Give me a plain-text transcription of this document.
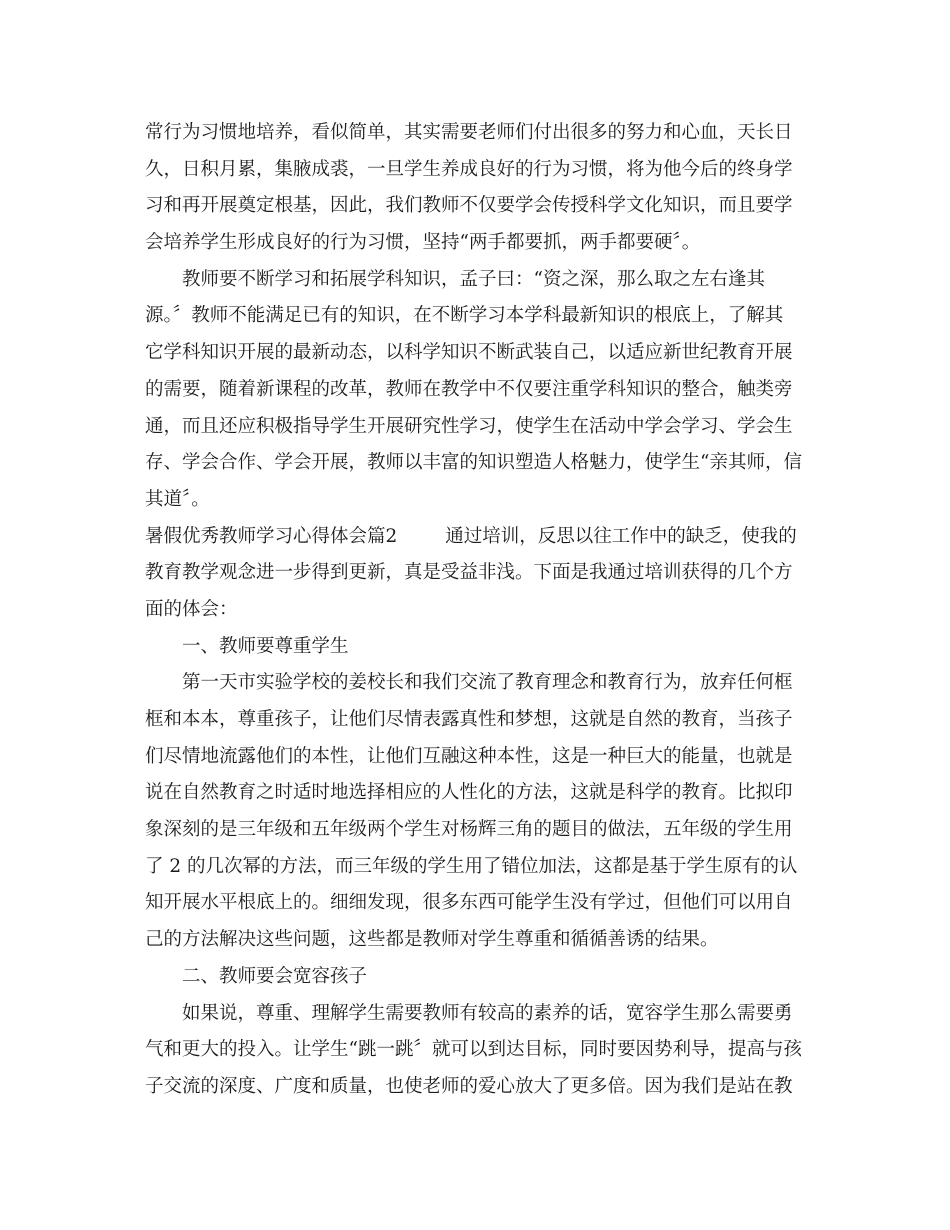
常行为习惯地培养，看似简单，其实需要老师们付出很多的努力和心血，天长日
久，日积月累，集腋成裘，一旦学生养成良好的行为习惯，将为他今后的终身学
习和再开展奠定根基，因此，我们教师不仅要学会传授科学文化知识，而且要学
会培养学生形成良好的行为习惯，坚持“两手都要抓，两手都要硬〞。
教师要不断学习和拓展学科知识，孟子曰：“资之深，那么取之左右逢其
源。〞教师不能满足已有的知识，在不断学习本学科最新知识的根底上，了解其
它学科知识开展的最新动态，以科学知识不断武装自己，以适应新世纪教育开展
的需要，随着新课程的改革，教师在教学中不仅要注重学科知识的整合，触类旁
通，而且还应积极指导学生开展研究性学习，使学生在活动中学会学习、学会生
存、学会合作、学会开展，教师以丰富的知识塑造人格魅力，使学生“亲其师，信
其道〞。
暑假优秀教师学习心得体会篇2	通过培训，反思以往工作中的缺乏，使我的
教育教学观念进一步得到更新，真是受益非浅。下面是我通过培训获得的几个方
面的体会：
一、教师要尊重学生
第一天市实验学校的姜校长和我们交流了教育理念和教育行为，放弃任何框
框和本本，尊重孩子，让他们尽情表露真性和梦想，这就是自然的教育，当孩子
们尽情地流露他们的本性，让他们互融这种本性，这是一种巨大的能量，也就是
说在自然教育之时适时地选择相应的人性化的方法，这就是科学的教育。比拟印
象深刻的是三年级和五年级两个学生对杨辉三角的题目的做法，五年级的学生用
了 2 的几次幂的方法，而三年级的学生用了错位加法，这都是基于学生原有的认
知开展水平根底上的。细细发现，很多东西可能学生没有学过，但他们可以用自
己的方法解决这些问题，这些都是教师对学生尊重和循循善诱的结果。
二、教师要会宽容孩子
如果说，尊重、理解学生需要教师有较高的素养的话，宽容学生那么需要勇
气和更大的投入。让学生“跳一跳〞就可以到达目标，同时要因势利导，提高与孩
子交流的深度、广度和质量，也使老师的爱心放大了更多倍。因为我们是站在教
